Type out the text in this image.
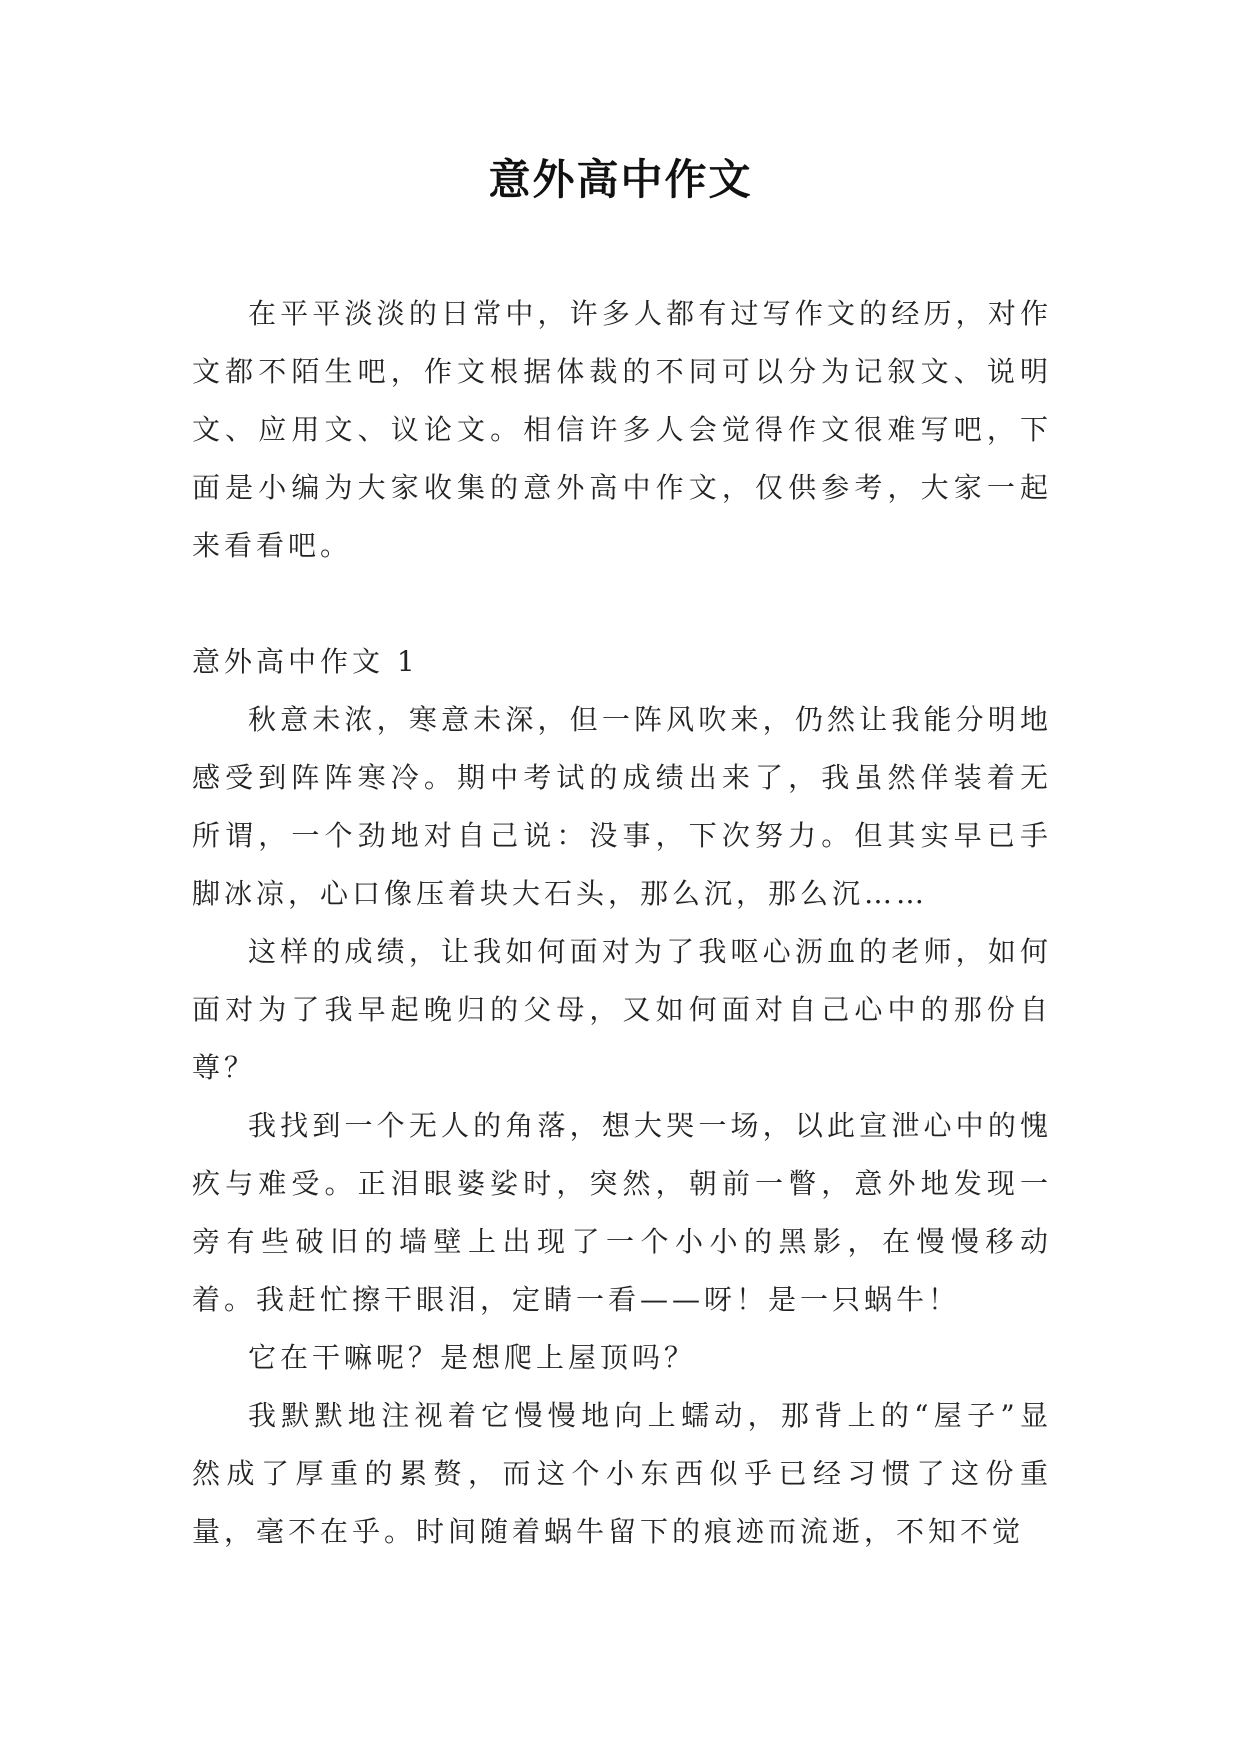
意外高中作文

在平平淡淡的日常中，许多人都有过写作文的经历，对作文都不陌生吧，作文根据体裁的不同可以分为记叙文、说明文、应用文、议论文。相信许多人会觉得作文很难写吧，下面是小编为大家收集的意外高中作文，仅供参考，大家一起来看看吧。

意外高中作文 1

秋意未浓，寒意未深，但一阵风吹来，仍然让我能分明地感受到阵阵寒冷。期中考试的成绩出来了，我虽然佯装着无所谓，一个劲地对自己说：没事，下次努力。但其实早已手脚冰凉，心口像压着块大石头，那么沉，那么沉……

这样的成绩，让我如何面对为了我呕心沥血的老师，如何面对为了我早起晚归的父母，又如何面对自己心中的那份自尊？

我找到一个无人的角落，想大哭一场，以此宣泄心中的愧疚与难受。正泪眼婆娑时，突然，朝前一瞥，意外地发现一旁有些破旧的墙壁上出现了一个小小的黑影，在慢慢移动着。我赶忙擦干眼泪，定睛一看——呀！是一只蜗牛！

它在干嘛呢？是想爬上屋顶吗？

我默默地注视着它慢慢地向上蠕动，那背上的“屋子”显然成了厚重的累赘，而这个小东西似乎已经习惯了这份重量，毫不在乎。时间随着蜗牛留下的痕迹而流逝，不知不觉
